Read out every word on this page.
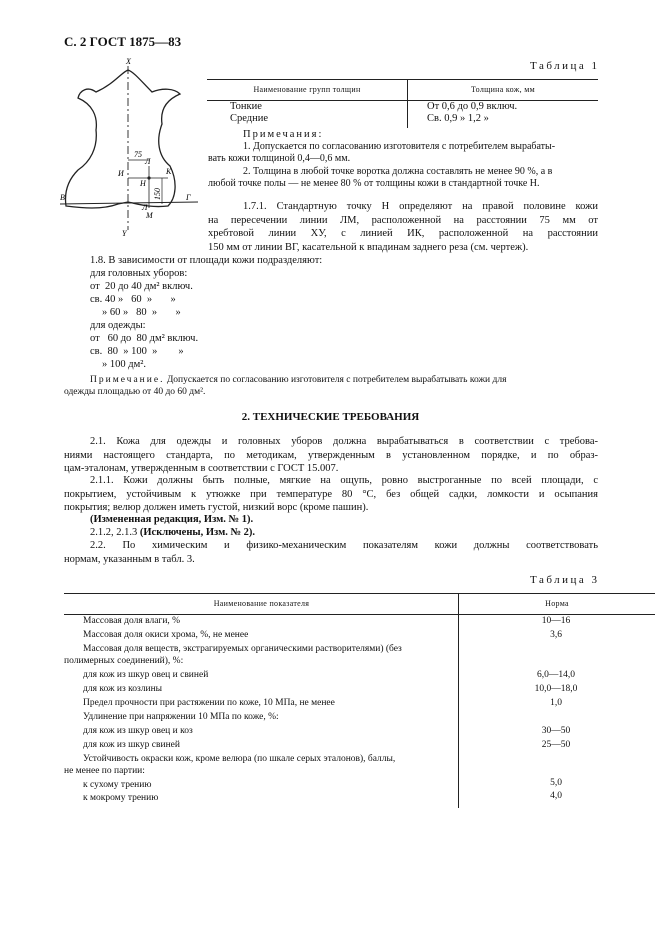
С. 2 ГОСТ 1875—83
Х
Y
Л
К
И
Н
В	Г
Л
М
75
150
Таблица 1
Наименование групп толщин	Толщина кож, мм
Тонкие	От 0,6 до 0,9 включ.
Средние	Св. 0,9 » 1,2 »
Примечания:
1. Допускается по согласованию изготовителя с потребителем вырабаты-
вать кожи толщиной 0,4—0,6 мм.
2. Толщина в любой точке воротка должна составлять не менее 90 %, а в
любой точке полы — не менее 80 % от толщины кожи в стандартной точке Н.
1.7.1. Стандартную точку Н определяют на правой половине кожи
на пересечении линии ЛМ, расположенной на расстоянии 75 мм от
хребтовой линии ХУ, с линией ИК, расположенной на расстоянии
150 мм от линии ВГ, касательной к впадинам заднего реза (см. чертеж).
1.8. В зависимости от площади кожи подразделяют:
для головных уборов:
от  20 до 40 дм² включ.
св. 40 »   60  »       »
» 60 »   80  »       »
для одежды:
от   60 до  80 дм² включ.
св.  80  » 100  »        »
» 100 дм².
Примечание. Допускается по согласованию изготовителя с потребителем вырабатывать кожи для
одежды площадью от 40 до 60 дм².
2. ТЕХНИЧЕСКИЕ ТРЕБОВАНИЯ
2.1. Кожа для одежды и головных уборов должна вырабатываться в соответствии с требова-
ниями настоящего стандарта, по методикам, утвержденным в установленном порядке, и по образ-
цам-эталонам, утвержденным в соответствии с ГОСТ 15.007.
2.1.1. Кожи должны быть полные, мягкие на ощупь, ровно выстроганные по всей площади, с
покрытием, устойчивым к утюжке при температуре 80 °С, без общей садки, ломкости и осыпания
покрытия; велюр должен иметь густой, низкий ворс (кроме пашин).
(Измененная редакция, Изм. № 1).
2.1.2, 2.1.3 (Исключены, Изм. № 2).
2.2. По химическим и физико-механическим показателям кожи должны соответствовать
нормам, указанным в табл. 3.
Таблица 3
Наименование показателя	Норма
Массовая доля влаги, %	10—16
Массовая доля окиси хрома, %, не менее	3,6
Массовая доля веществ, экстрагируемых органическими растворителями) (без
полимерных соединений), %:
для кож из шкур овец и свиней	6,0—14,0
для кож из козлины	10,0—18,0
Предел прочности при растяжении по коже, 10 МПа, не менее	1,0
Удлинение при напряжении 10 МПа по коже, %:
для кож из шкур овец и коз	30—50
для кож из шкур свиней	25—50
Устойчивость окраски кож, кроме велюра (по шкале серых эталонов), баллы,
не менее по партии:
к сухому трению	5,0
к мокрому трению	4,0
